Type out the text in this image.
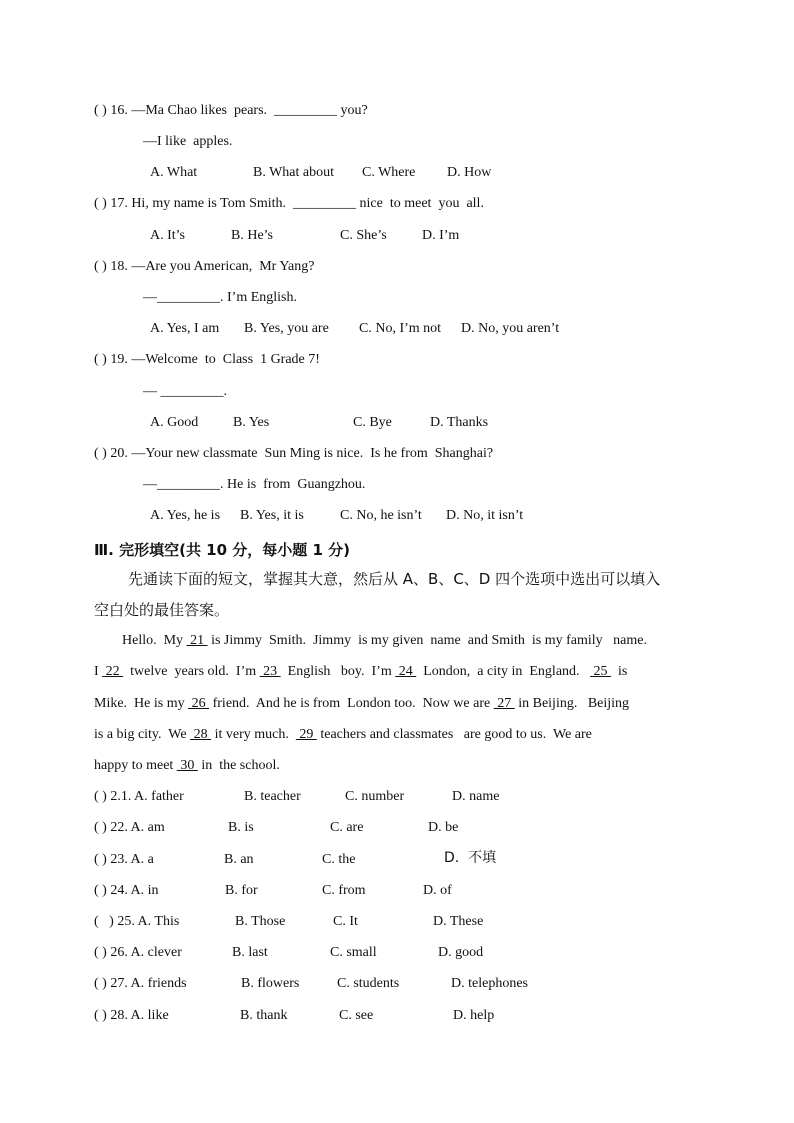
( ) 16. —Ma Chao likes  pears.  _________ you?
—I like  apples.
A. What	B. What about C. Where D. How
( ) 17. Hi, my name is Tom Smith.  _________ nice  to meet  you  all.
A. It’s	B. He’s	C. She’s	D. I’m
( ) 18. —Are you American,  Mr Yang?
—_________. I’m English.
A. Yes, I am B. Yes, you are C. No, I’m not D. No, you aren’t
( ) 19. —Welcome  to  Class  1 Grade 7!
— _________.
A. Good B. Yes	C. Bye	D. Thanks
( ) 20. —Your new classmate  Sun Ming is nice.  Is he from  Shanghai?
—_________. He is  from  Guangzhou.
A. Yes, he is B. Yes, it is	C. No, he isn’t D. No, it isn’t
Ⅲ. 完形填空(共 10 分，每小题 1 分)
先通读下面的短文，掌握其大意，然后从 A、B、C、D 四个选项中选出可以填入
空白处的最佳答案。
Hello.  My  21  is Jimmy  Smith.  Jimmy  is my given  name  and Smith  is my family   name.
I  22   twelve  years old.  I’m  23   English   boy.  I’m  24   London,  a city in  England.    25   is
Mike.  He is my  26  friend.  And he is from  London too.  Now we are  27  in Beijing.   Beijing
is a big city.  We  28  it very much.   29  teachers and classmates   are good to us.  We are
happy to meet  30  in  the school.
( ) 2.1. A. father	B. teacher	C. number	D. name
( ) 22. A. am	B. is	C. are	D. be
( ) 23. A. a	B. an	C. the	D.  不填
( ) 24. A. in	B. for	C. from	D. of
(   ) 25. A. This	B. Those	C. It	D. These
( ) 26. A. clever	B. last	C. small	D. good
( ) 27. A. friends	B. flowers	C. students	D. telephones
( ) 28. A. like	B. thank	C. see	D. help
